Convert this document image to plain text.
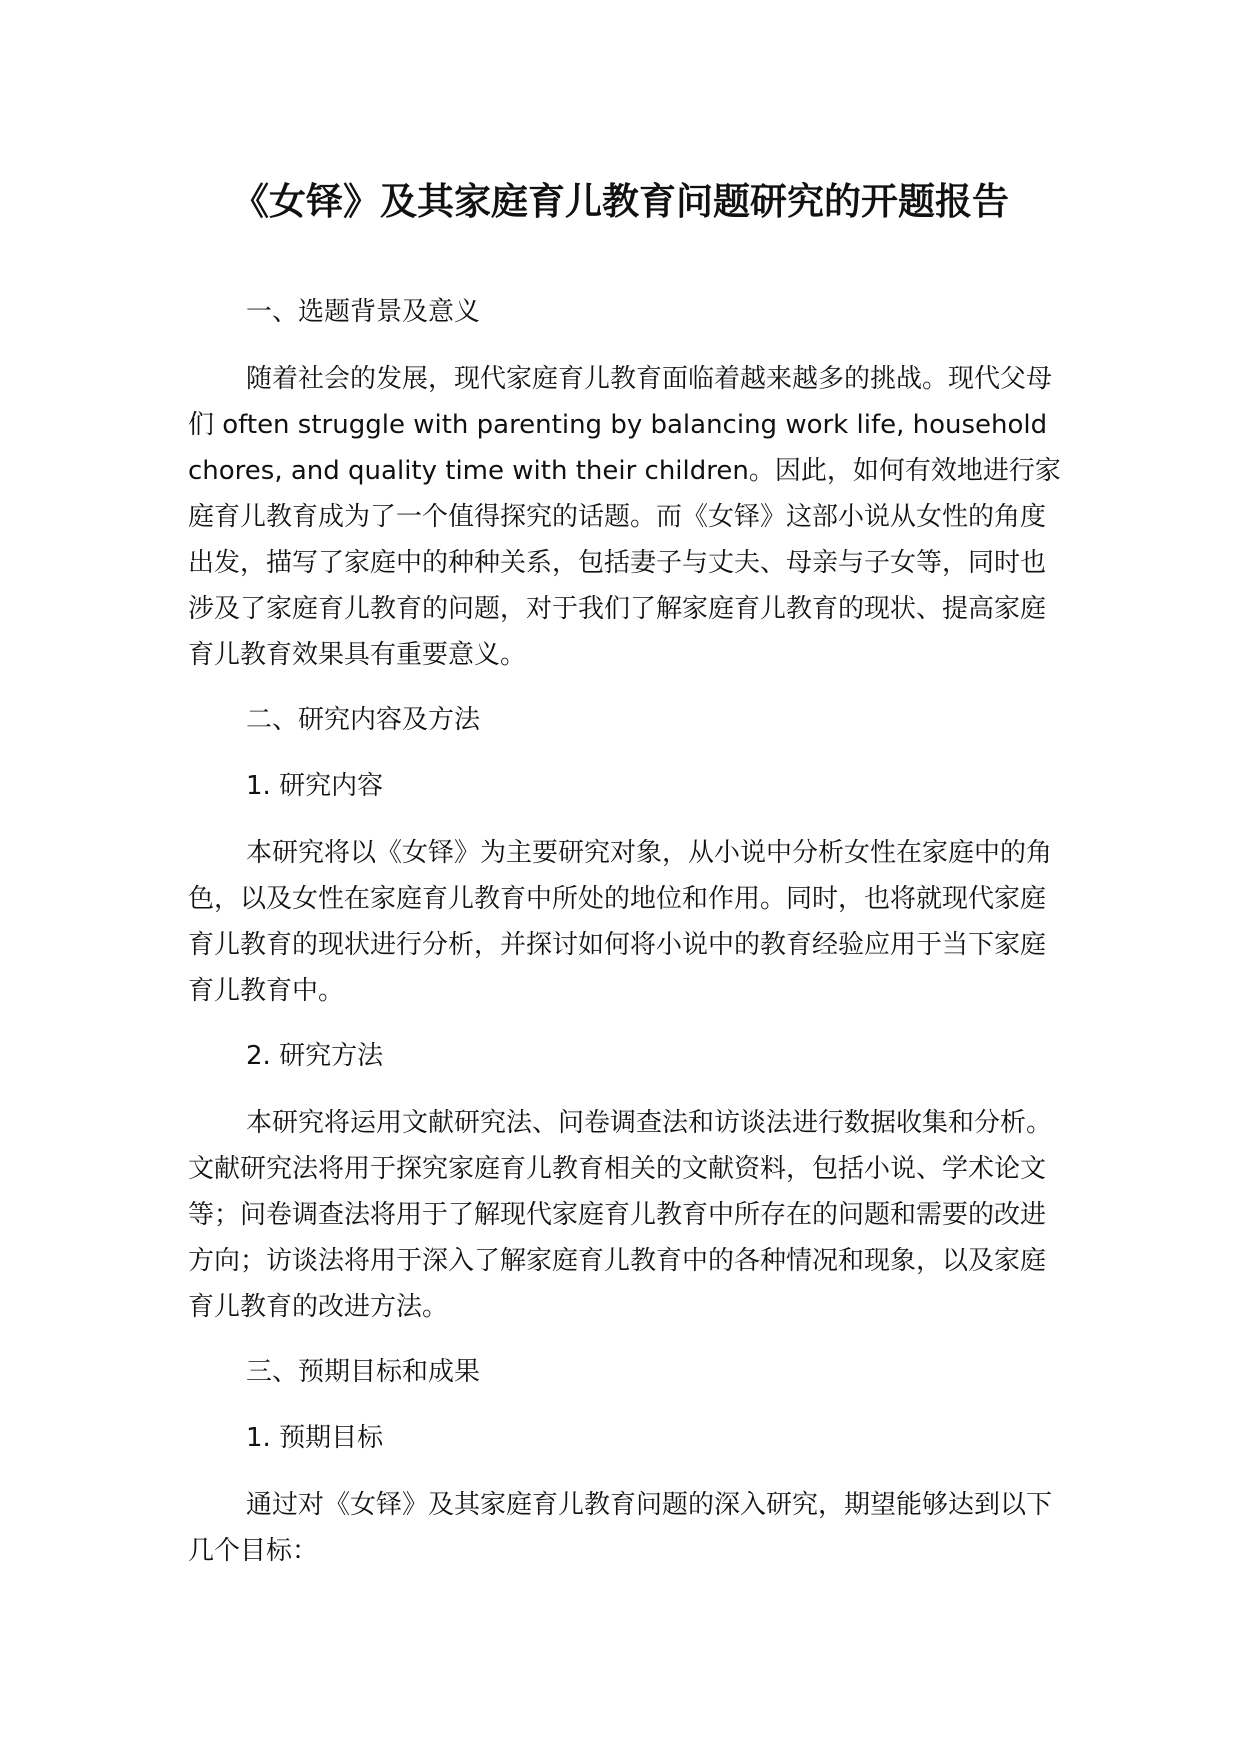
《女铎》及其家庭育儿教育问题研究的开题报告

一、选题背景及意义

随着社会的发展，现代家庭育儿教育面临着越来越多的挑战。现代父母们 often struggle with parenting by balancing work life, household chores, and quality time with their children。因此，如何有效地进行家庭育儿教育成为了一个值得探究的话题。而《女铎》这部小说从女性的角度出发，描写了家庭中的种种关系，包括妻子与丈夫、母亲与子女等，同时也涉及了家庭育儿教育的问题，对于我们了解家庭育儿教育的现状、提高家庭育儿教育效果具有重要意义。

二、研究内容及方法

1. 研究内容

本研究将以《女铎》为主要研究对象，从小说中分析女性在家庭中的角色，以及女性在家庭育儿教育中所处的地位和作用。同时，也将就现代家庭育儿教育的现状进行分析，并探讨如何将小说中的教育经验应用于当下家庭育儿教育中。

2. 研究方法

本研究将运用文献研究法、问卷调查法和访谈法进行数据收集和分析。文献研究法将用于探究家庭育儿教育相关的文献资料，包括小说、学术论文等；问卷调查法将用于了解现代家庭育儿教育中所存在的问题和需要的改进方向；访谈法将用于深入了解家庭育儿教育中的各种情况和现象，以及家庭育儿教育的改进方法。

三、预期目标和成果

1. 预期目标

通过对《女铎》及其家庭育儿教育问题的深入研究，期望能够达到以下几个目标：
